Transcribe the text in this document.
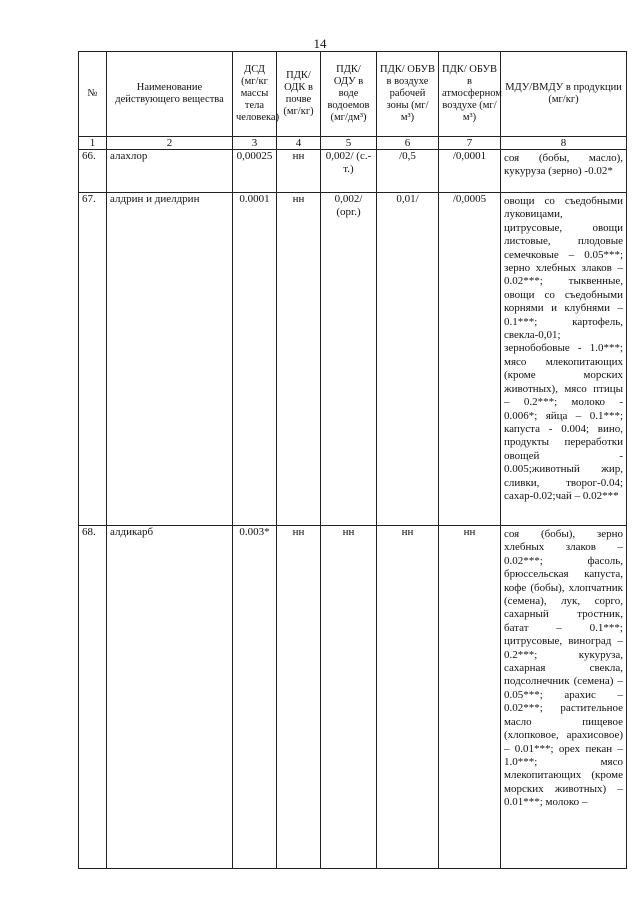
14
№	Наименование действующего вещества	ДСД (мг/кг массы тела человека)	ПДК/ ОДК в почве (мг/кг)	ПДК/ ОДУ в воде водоемов (мг/дм³)	ПДК/ ОБУВ в воздухе рабочей зоны (мг/м³)	ПДК/ ОБУВ в атмосферном воздухе (мг/м³)	МДУ/ВМДУ в продукции (мг/кг)
1	2	3	4	5	6	7	8
66.	алахлор	0,00025	нн	0,002/ (с.-т.)	/0,5	/0,0001	соя (бобы, масло), кукуруза (зерно) -0.02*
67.	алдрин и диелдрин	0.0001	нн	0,002/ (орг.)	0,01/	/0,0005	овощи со съедобными луковицами, цитрусовые, овощи листовые, плодовые семечковые – 0.05***; зерно хлебных злаков – 0.02***; тыквенные, овощи со съедобными корнями и клубнями – 0.1***; картофель, свекла-0,01; зернобобовые - 1.0***; мясо млекопитающих (кроме морских животных), мясо птицы – 0.2***; молоко - 0.006*; яйца – 0.1***; капуста - 0.004; вино, продукты переработки овощей - 0.005;животный жир, сливки, творог-0.04; сахар-0.02;чай – 0.02***
68.	алдикарб	0.003*	нн	нн	нн	нн	соя (бобы), зерно хлебных злаков – 0.02***; фасоль, брюссельская капуста, кофе (бобы), хлопчатник (семена), лук, сорго, сахарный тростник, батат – 0.1***; цитрусовые, виноград – 0.2***; кукуруза, сахарная свекла, подсолнечник (семена) – 0.05***; арахис – 0.02***; растительное масло пищевое (хлопковое, арахисовое) – 0.01***; орех пекан – 1.0***; мясо млекопитающих (кроме морских животных) – 0.01***; молоко –
